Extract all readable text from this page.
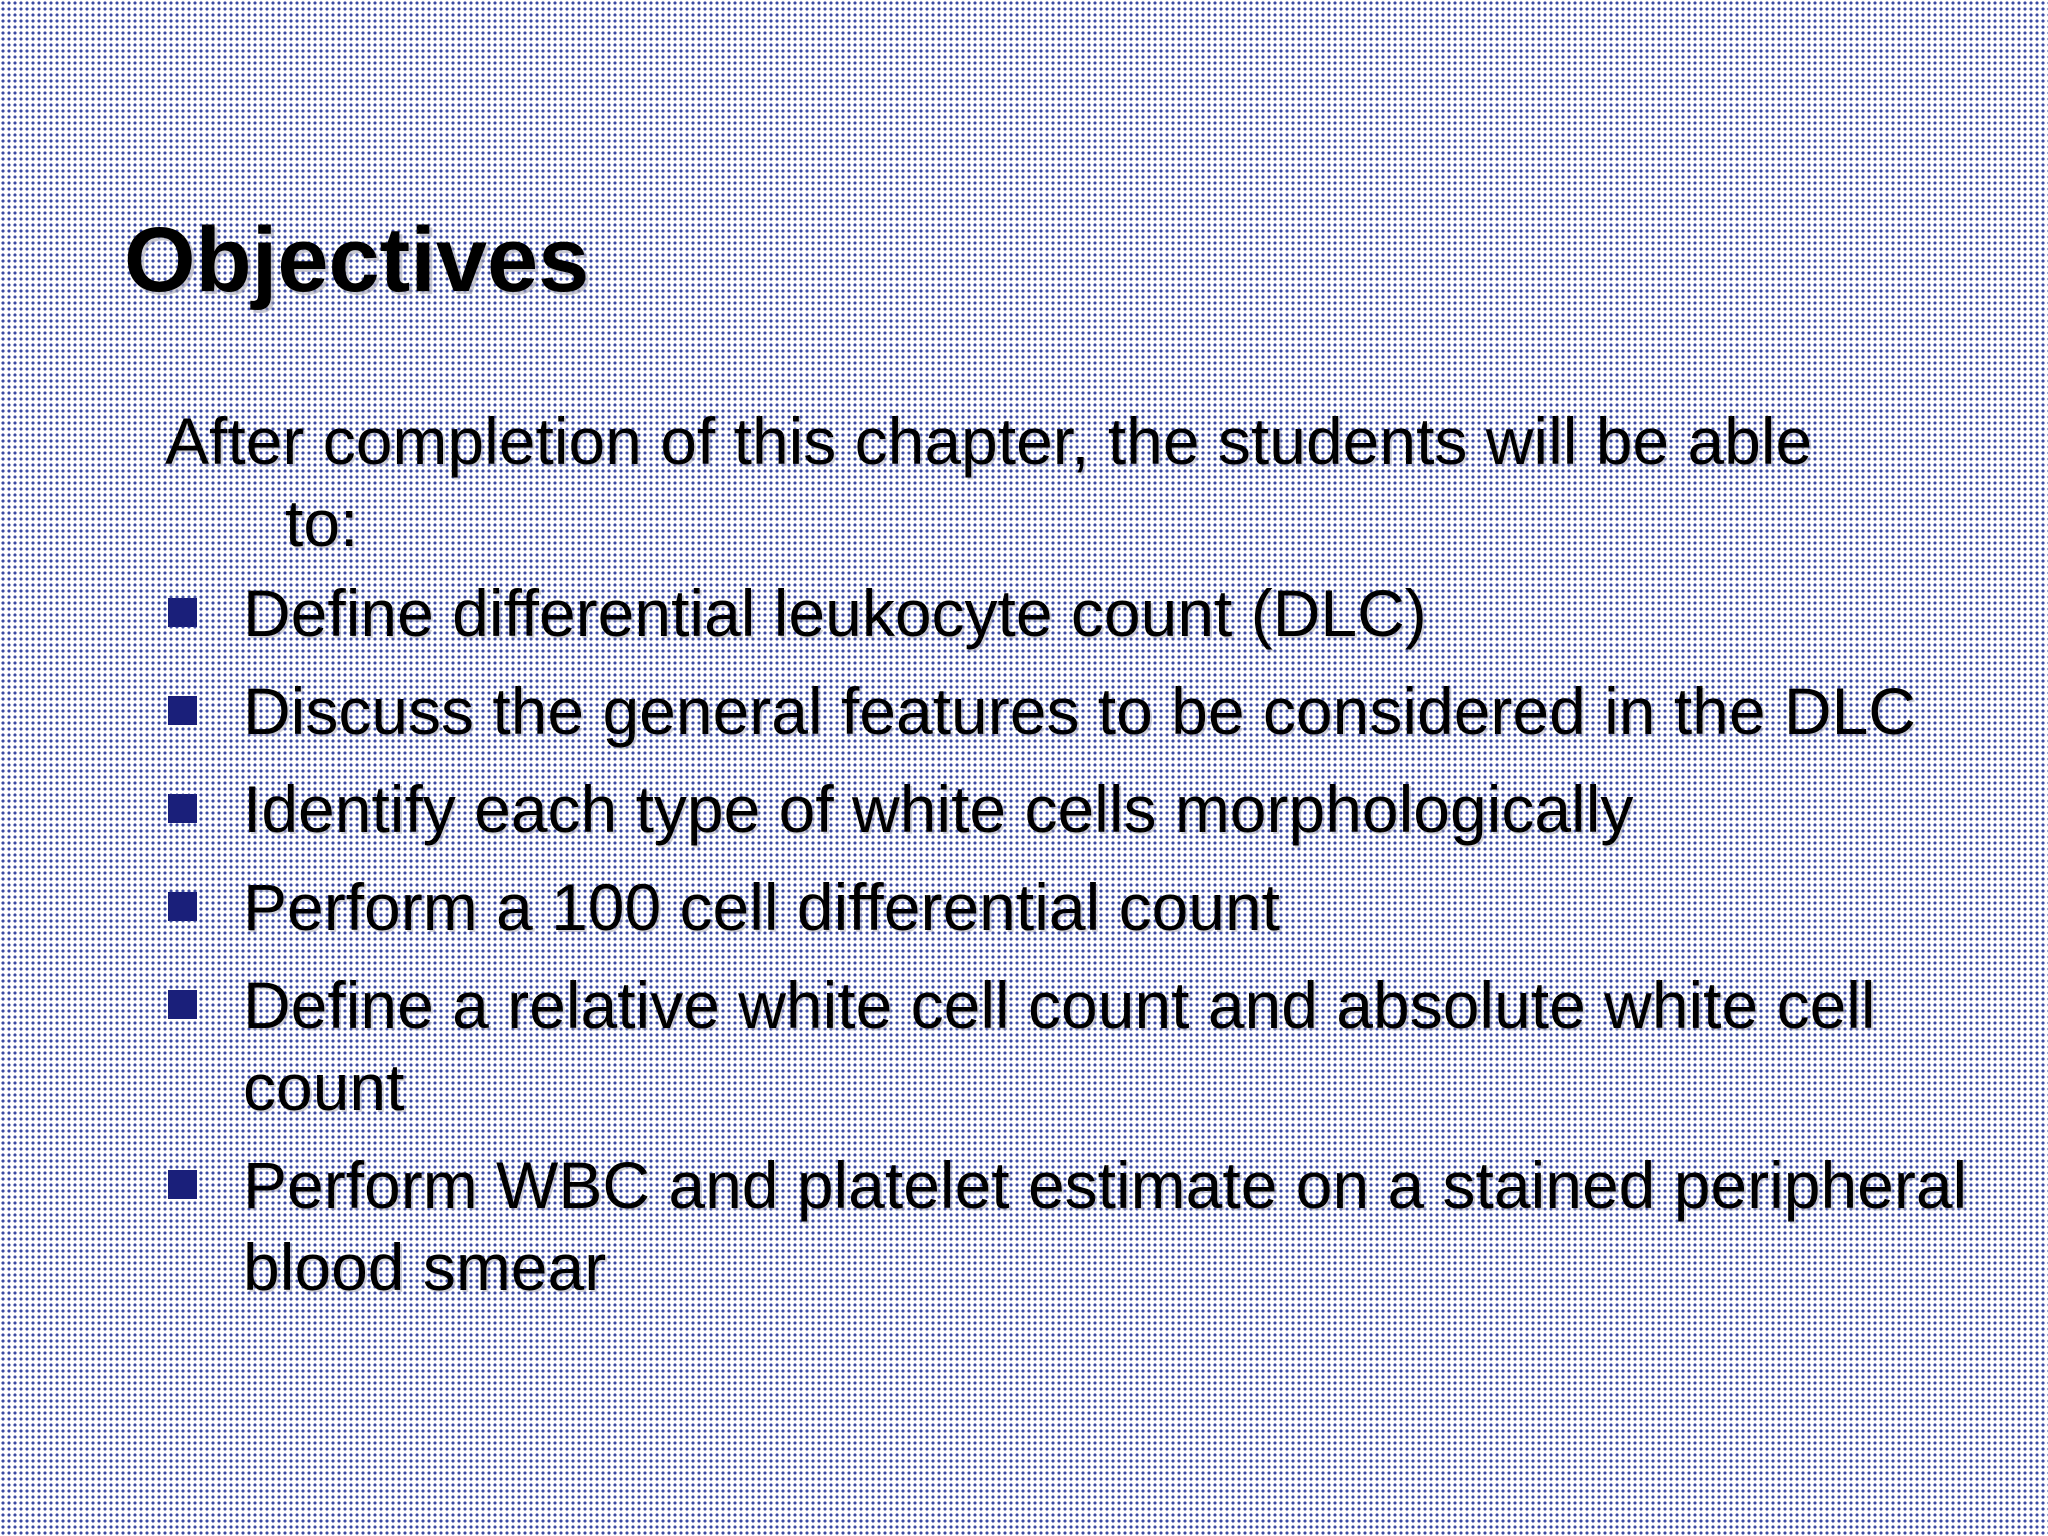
Objectives
After completion of this chapter, the students will be able
to:
Define differential leukocyte count (DLC)
Discuss the general features to be considered in the DLC
Identify each type of white cells morphologically
Perform a 100 cell differential count
Define a relative white cell count and absolute white cell count
Perform WBC and platelet estimate on a stained peripheral blood smear
